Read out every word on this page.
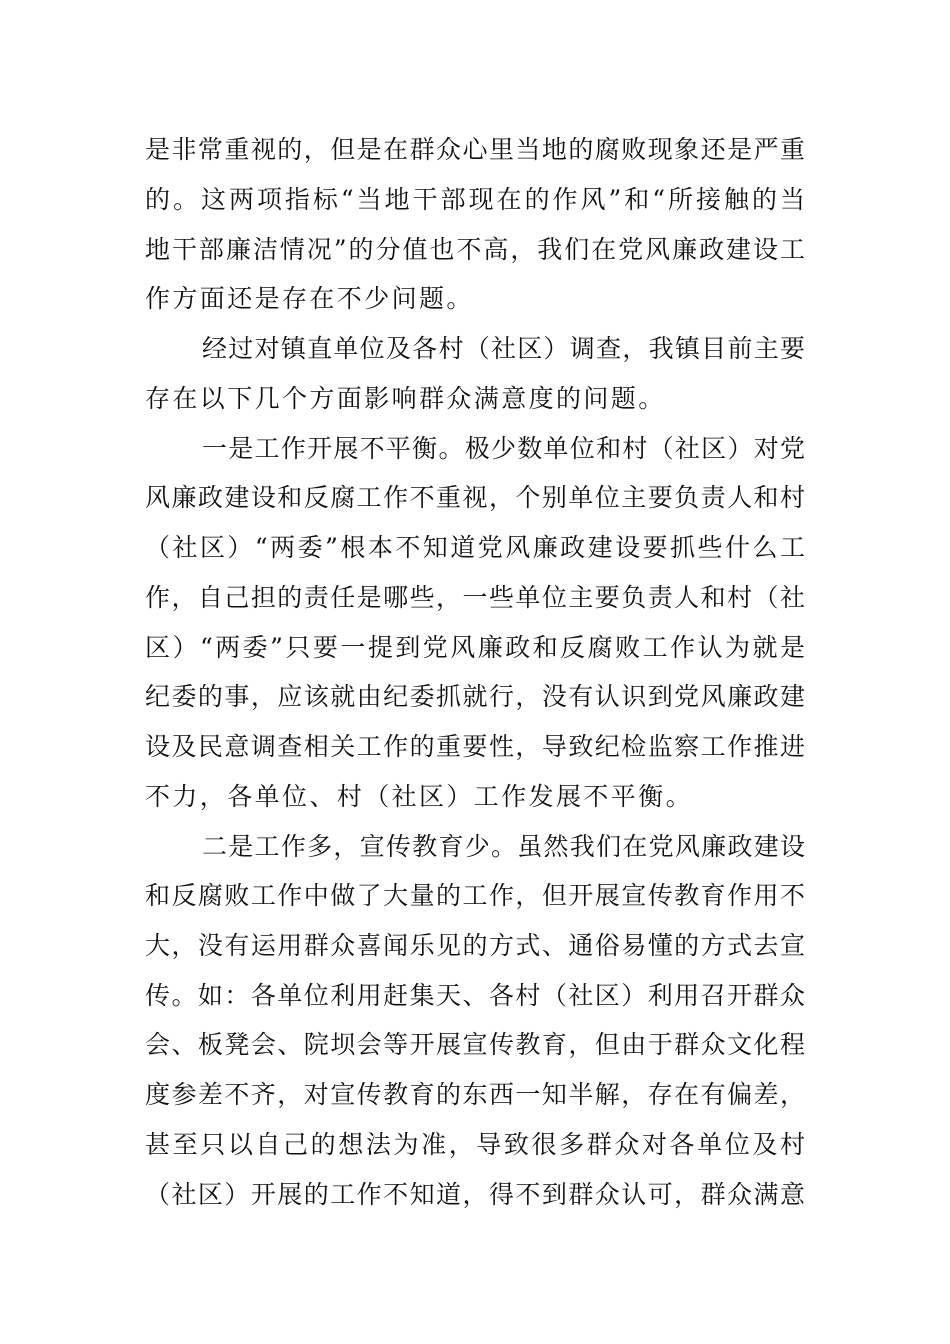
是非常重视的，但是在群众心里当地的腐败现象还是严重
的。这两项指标“当地干部现在的作风”和“所接触的当
地干部廉洁情况”的分值也不高，我们在党风廉政建设工
作方面还是存在不少问题。
经过对镇直单位及各村（社区）调查，我镇目前主要
存在以下几个方面影响群众满意度的问题。
一是工作开展不平衡。极少数单位和村（社区）对党
风廉政建设和反腐工作不重视，个别单位主要负责人和村
（社区）“两委”根本不知道党风廉政建设要抓些什么工
作，自己担的责任是哪些，一些单位主要负责人和村（社
区）“两委”只要一提到党风廉政和反腐败工作认为就是
纪委的事，应该就由纪委抓就行，没有认识到党风廉政建
设及民意调查相关工作的重要性，导致纪检监察工作推进
不力，各单位、村（社区）工作发展不平衡。
二是工作多，宣传教育少。虽然我们在党风廉政建设
和反腐败工作中做了大量的工作，但开展宣传教育作用不
大，没有运用群众喜闻乐见的方式、通俗易懂的方式去宣
传。如：各单位利用赶集天、各村（社区）利用召开群众
会、板凳会、院坝会等开展宣传教育，但由于群众文化程
度参差不齐，对宣传教育的东西一知半解，存在有偏差，
甚至只以自己的想法为准，导致很多群众对各单位及村
（社区）开展的工作不知道，得不到群众认可，群众满意
